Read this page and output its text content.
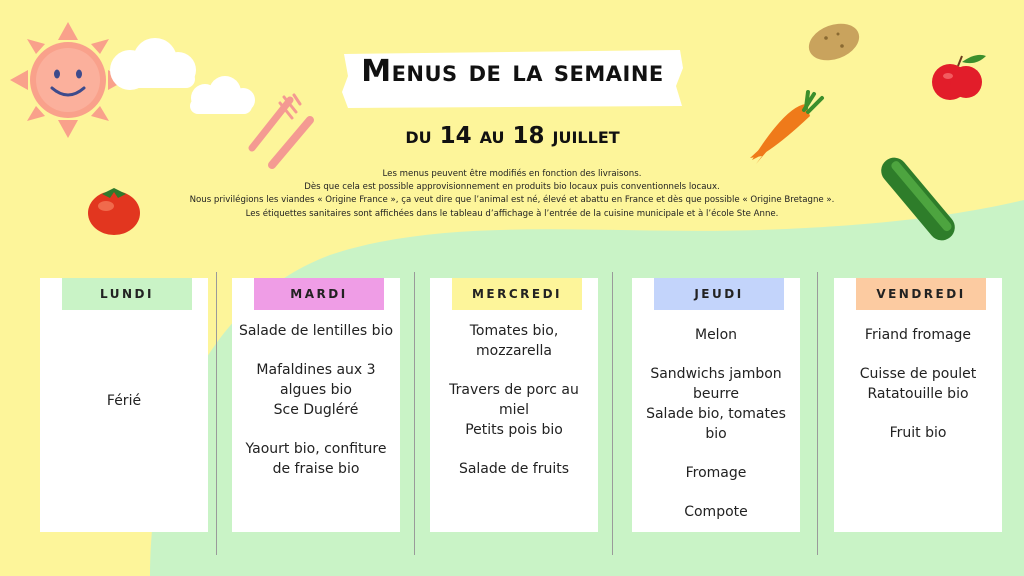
Menus de la semaine
du 14 au 18 juillet
Les menus peuvent être modifiés en fonction des livraisons.
Dès que cela est possible approvisionnement en produits bio locaux puis conventionnels locaux.
Nous privilégions les viandes « Origine France », ça veut dire que l’animal est né, élevé et abattu en France et dès que possible « Origine Bretagne ».
Les étiquettes sanitaires sont affichées dans le tableau d’affichage à l’entrée de la cuisine municipale et à l’école Ste Anne.
LUNDI
Férié
MARDI
Salade de lentilles bio
Mafaldines aux 3
algues bio
Sce Dugléré
Yaourt bio, confiture
de fraise bio
MERCREDI
Tomates bio,
mozzarella
Travers de porc au
miel
Petits pois bio
Salade de fruits
JEUDI
Melon
Sandwichs jambon
beurre
Salade bio, tomates
bio
Fromage
Compote
VENDREDI
Friand fromage
Cuisse de poulet
Ratatouille bio
Fruit bio
